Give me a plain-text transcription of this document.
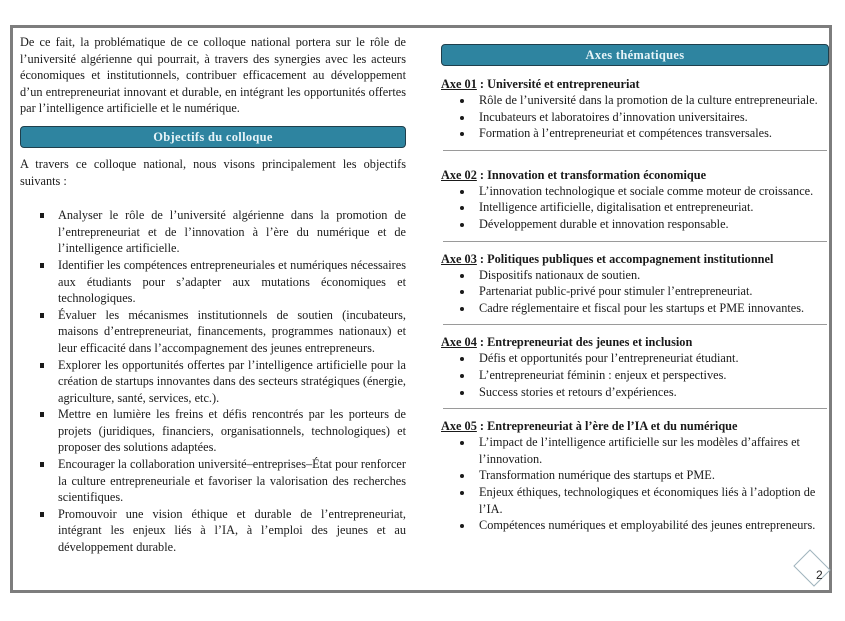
De ce fait, la problématique de ce colloque national portera sur le rôle de l’université algérienne qui pourrait, à travers des synergies avec les acteurs économiques et institutionnels, contribuer efficacement au développement d’un entrepreneuriat innovant et durable, en intégrant les opportunités offertes par l’intelligence artificielle et le numérique.

Objectifs du colloque

A travers ce colloque national, nous visons principalement les objectifs suivants :

Analyser le rôle de l’université algérienne dans la promotion de l’entrepreneuriat et de l’innovation à l’ère du numérique et de l’intelligence artificielle.
Identifier les compétences entrepreneuriales et numériques nécessaires aux étudiants pour s’adapter aux mutations économiques et technologiques.
Évaluer les mécanismes institutionnels de soutien (incubateurs, maisons d’entrepreneuriat, financements, programmes nationaux) et leur efficacité dans l’accompagnement des jeunes entrepreneurs.
Explorer les opportunités offertes par l’intelligence artificielle pour la création de startups innovantes dans des secteurs stratégiques (énergie, agriculture, santé, services, etc.).
Mettre en lumière les freins et défis rencontrés par les porteurs de projets (juridiques, financiers, organisationnels, technologiques) et proposer des solutions adaptées.
Encourager la collaboration université–entreprises–État pour renforcer la culture entrepreneuriale et favoriser la valorisation des recherches scientifiques.
Promouvoir une vision éthique et durable de l’entrepreneuriat, intégrant les enjeux liés à l’IA, à l’emploi des jeunes et au développement durable.
Axes thématiques
Axe 01 : Université et entrepreneuriat
Rôle de l’université dans la promotion de la culture entrepreneuriale.
Incubateurs et laboratoires d’innovation universitaires.
Formation à l’entrepreneuriat et compétences transversales.
Axe 02 : Innovation et transformation économique
L’innovation technologique et sociale comme moteur de croissance.
Intelligence artificielle, digitalisation et entrepreneuriat.
Développement durable et innovation responsable.
Axe 03 : Politiques publiques et accompagnement institutionnel
Dispositifs nationaux de soutien.
Partenariat public-privé pour stimuler l’entrepreneuriat.
Cadre réglementaire et fiscal pour les startups et PME innovantes.
Axe 04 : Entrepreneuriat des jeunes et inclusion
Défis et opportunités pour l’entrepreneuriat étudiant.
L’entrepreneuriat féminin : enjeux et perspectives.
Success stories et retours d’expériences.
Axe 05 : Entrepreneuriat à l’ère de l’IA et du numérique
L’impact de l’intelligence artificielle sur les modèles d’affaires et l’innovation.
Transformation numérique des startups et PME.
Enjeux éthiques, technologiques et économiques liés à l’adoption de l’IA.
Compétences numériques et employabilité des jeunes entrepreneurs.
2
